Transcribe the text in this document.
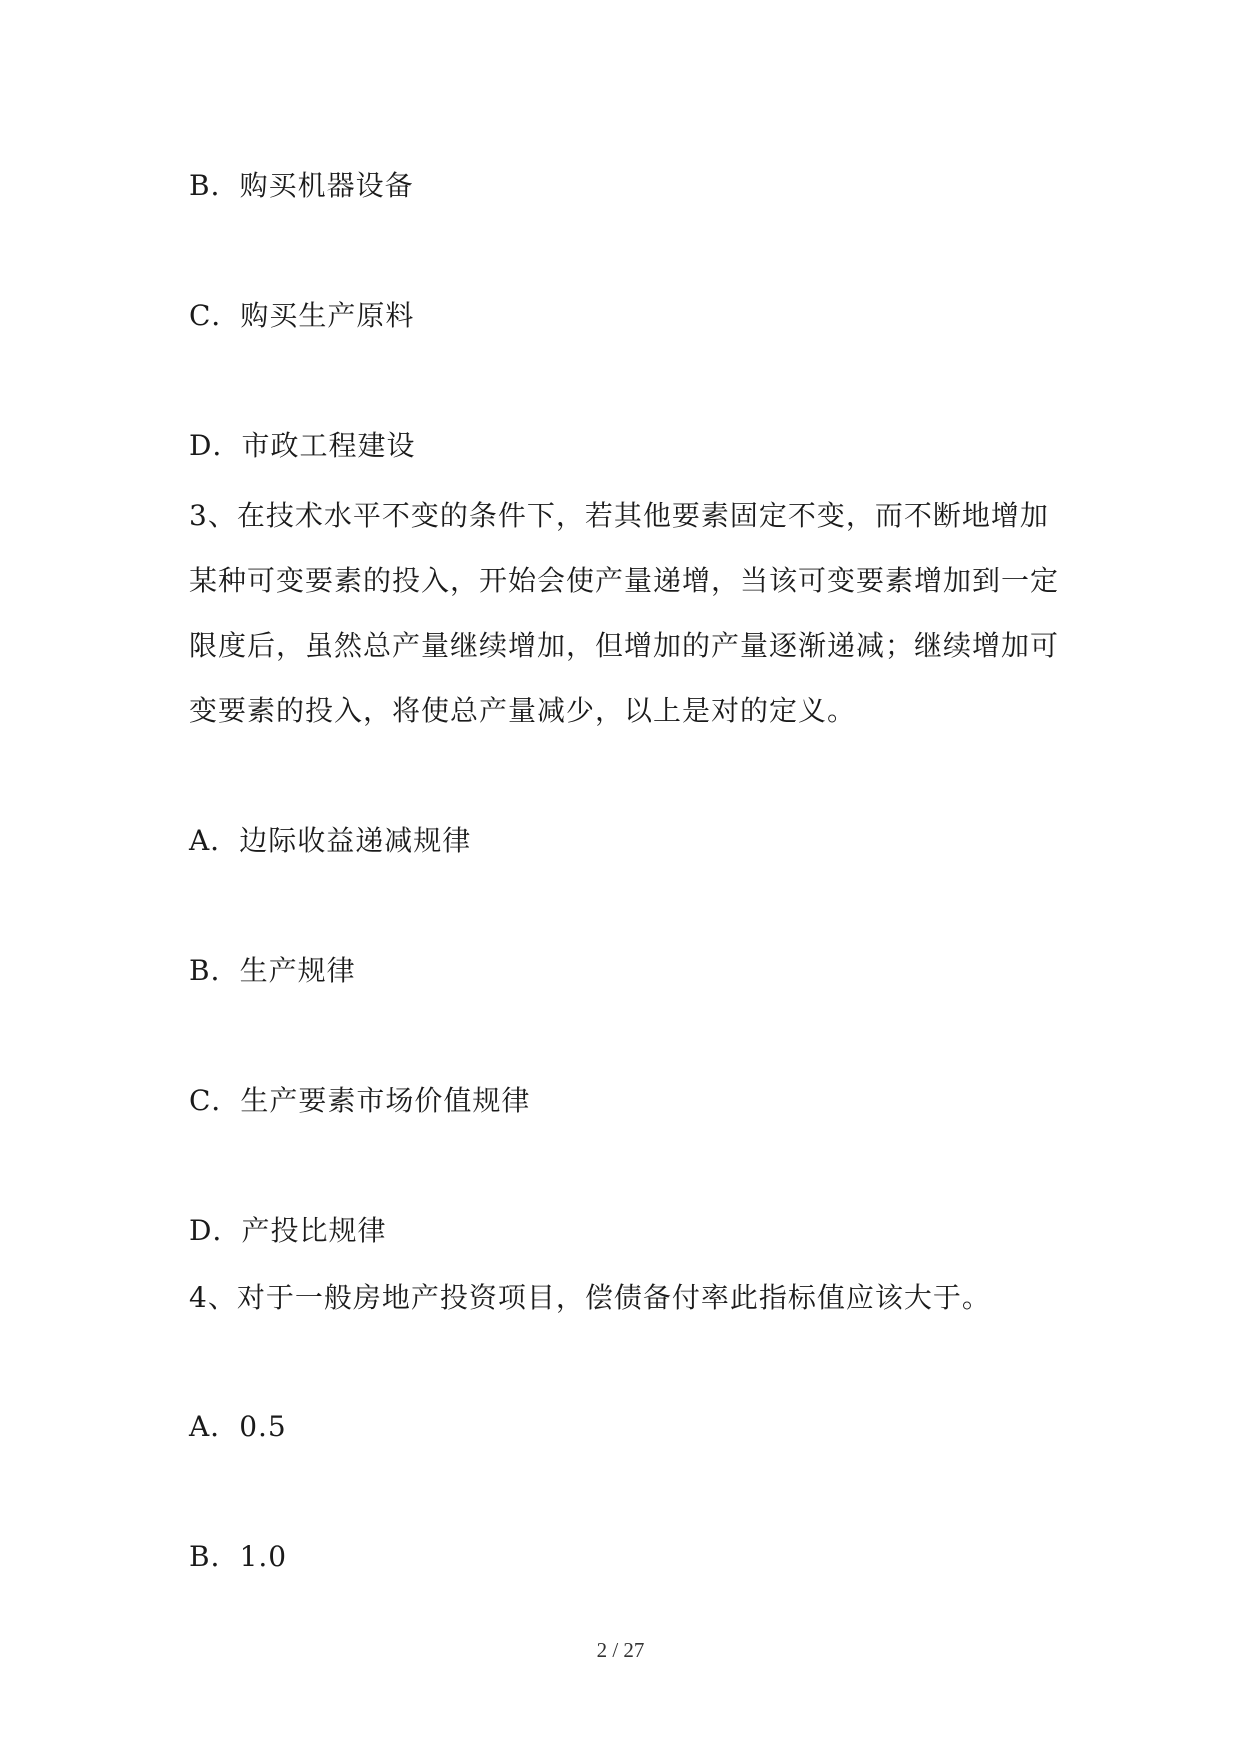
B．购买机器设备
C．购买生产原料
D．市政工程建设
3、在技术水平不变的条件下，若其他要素固定不变，而不断地增加某种可变要素的投入，开始会使产量递增，当该可变要素增加到一定限度后，虽然总产量继续增加，但增加的产量逐渐递减；继续增加可变要素的投入，将使总产量减少，以上是对的定义。
A．边际收益递减规律
B．生产规律
C．生产要素市场价值规律
D．产投比规律
4、对于一般房地产投资项目，偿债备付率此指标值应该大于。
A．0.5
B．1.0
2 / 27
